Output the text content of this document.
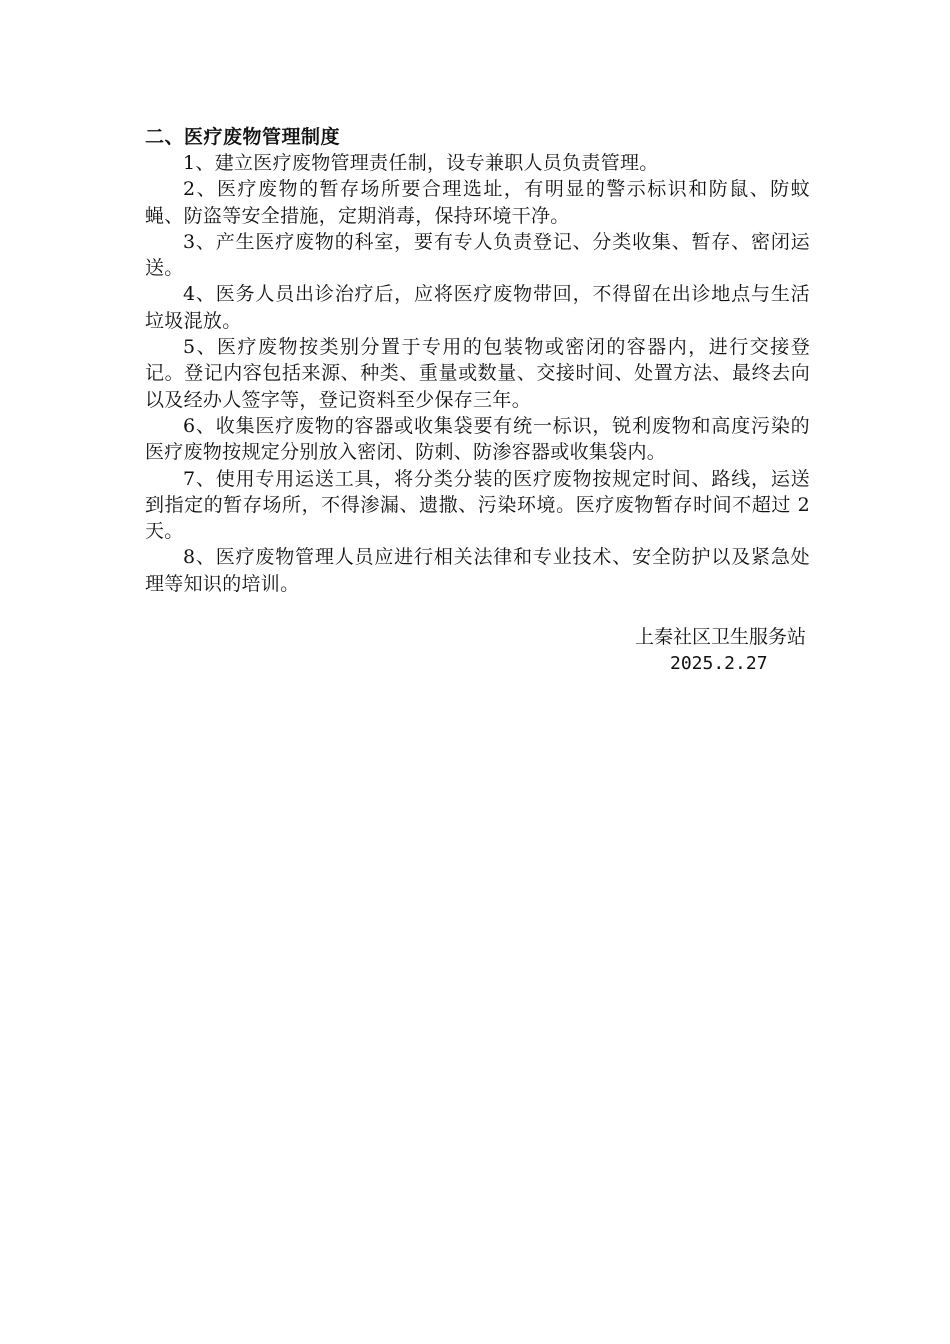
二、医疗废物管理制度

1、建立医疗废物管理责任制，设专兼职人员负责管理。

2、医疗废物的暂存场所要合理选址，有明显的警示标识和防鼠、防蚊蝇、防盗等安全措施，定期消毒，保持环境干净。

3、产生医疗废物的科室，要有专人负责登记、分类收集、暂存、密闭运送。

4、医务人员出诊治疗后，应将医疗废物带回，不得留在出诊地点与生活垃圾混放。

5、医疗废物按类别分置于专用的包装物或密闭的容器内，进行交接登记。登记内容包括来源、种类、重量或数量、交接时间、处置方法、最终去向以及经办人签字等，登记资料至少保存三年。

6、收集医疗废物的容器或收集袋要有统一标识，锐利废物和高度污染的医疗废物按规定分别放入密闭、防刺、防渗容器或收集袋内。

7、使用专用运送工具，将分类分装的医疗废物按规定时间、路线，运送到指定的暂存场所，不得渗漏、遗撒、污染环境。医疗废物暂存时间不超过 2 天。

8、医疗废物管理人员应进行相关法律和专业技术、安全防护以及紧急处理等知识的培训。

上秦社区卫生服务站
2025.2.27
